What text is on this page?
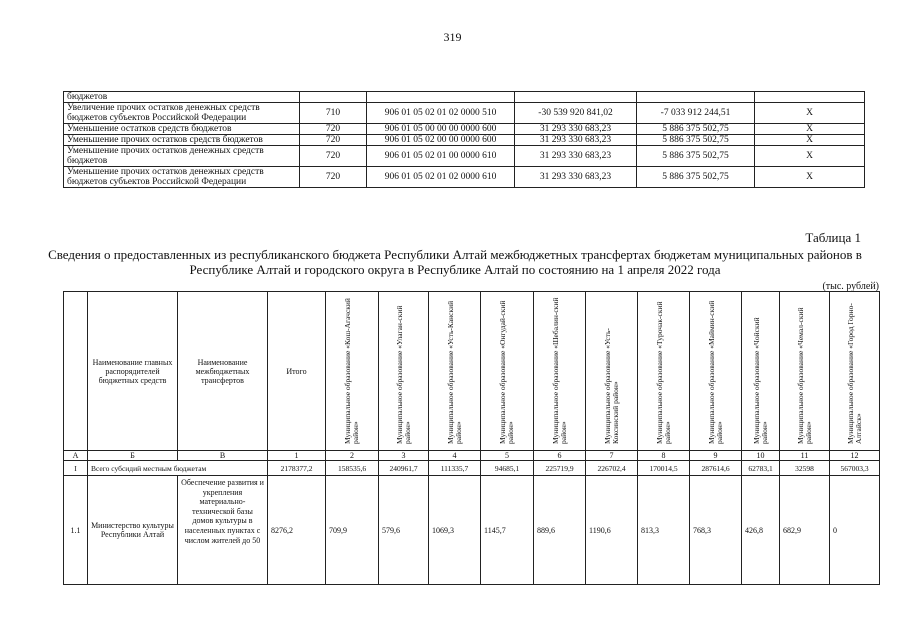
319
бюджетов					
Увеличение прочих остатков денежных средств бюджетов субъектов Российской Федерации	710	906 01 05 02 01 02 0000 510	-30 539 920 841,02	-7 033 912 244,51	X
Уменьшение остатков средств бюджетов	720	906 01 05 00 00 00 0000 600	31 293 330 683,23	5 886 375 502,75	X
Уменьшение прочих остатков средств бюджетов	720	906 01 05 02 00 00 0000 600	31 293 330 683,23	5 886 375 502,75	X
Уменьшение прочих остатков денежных средств бюджетов	720	906 01 05 02 01 00 0000 610	31 293 330 683,23	5 886 375 502,75	X
Уменьшение прочих остатков денежных средств бюджетов субъектов Российской Федерации	720	906 01 05 02 01 02 0000 610	31 293 330 683,23	5 886 375 502,75	X
Таблица 1
Сведения о предоставленных из республиканского бюджета Республики Алтай межбюджетных трансфертах бюджетам муниципальных районов в Республике Алтай и городского округа в Республике Алтай по состоянию на 1 апреля 2022 года
(тыс. рублей)
	Наименование главных распорядителей бюджетных средств	Наименование межбюджетных трансфертов	Итого	Муниципальное образование «Кош-Агачский район»	Муниципальное образование «Улаган-ский район»	Муниципальное образование «Усть-Канский район»	Муниципальное образование «Онгудай-ский район»	Муниципальное образование «Шебалин-ский район»	Муниципальное образование «Усть-Коксинский район»	Муниципальное образование «Турочак-ский район»	Муниципальное образование «Маймин-ский район»	Муниципальное образование «Чойский район»	Муниципальное образование «Чемал-ский район»	Муниципальное образование «Город Горно-Алтайск»
А	Б	В	1	2	3	4	5	6	7	8	9	10	11	12
I	Всего субсидий местным бюджетам		2178377,2	158535,6	240961,7	111335,7	94685,1	225719,9	226702,4	170014,5	287614,6	62783,1	32598	567003,3
1.1	Министерство культуры Республики Алтай	Обеспечение развития и укрепления материально-технической базы домов культуры в населенных пунктах с числом жителей до 50	8276,2	709,9	579,6	1069,3	1145,7	889,6	1190,6	813,3	768,3	426,8	682,9	0
